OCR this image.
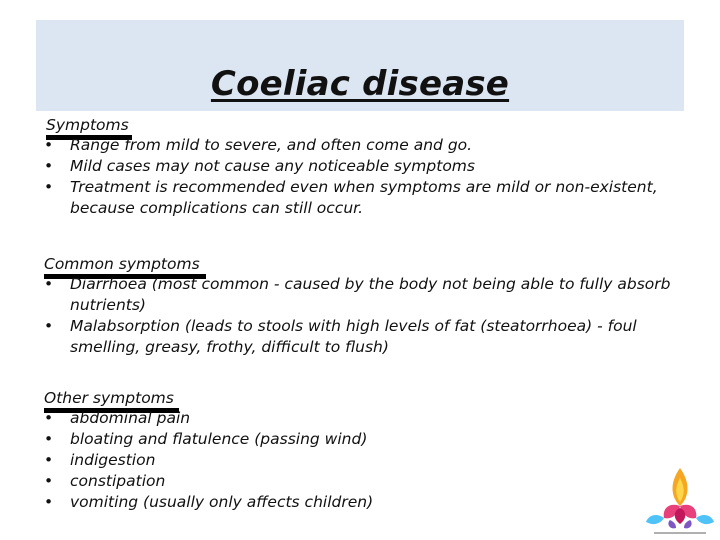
Coeliac disease
Symptoms
• Range from mild to severe, and often come and go.
• Mild cases may not cause any noticeable symptoms
• Treatment is recommended even when symptoms are mild or non-existent, because complications can still occur.
Common symptoms
• Diarrhoea (most common - caused by the body not being able to fully absorb nutrients)
• Malabsorption (leads to stools with high levels of fat (steatorrhoea) - foul smelling, greasy, frothy, difficult to flush)
Other symptoms
• abdominal pain
• bloating and flatulence (passing wind)
• indigestion
• constipation
• vomiting (usually only affects children)
